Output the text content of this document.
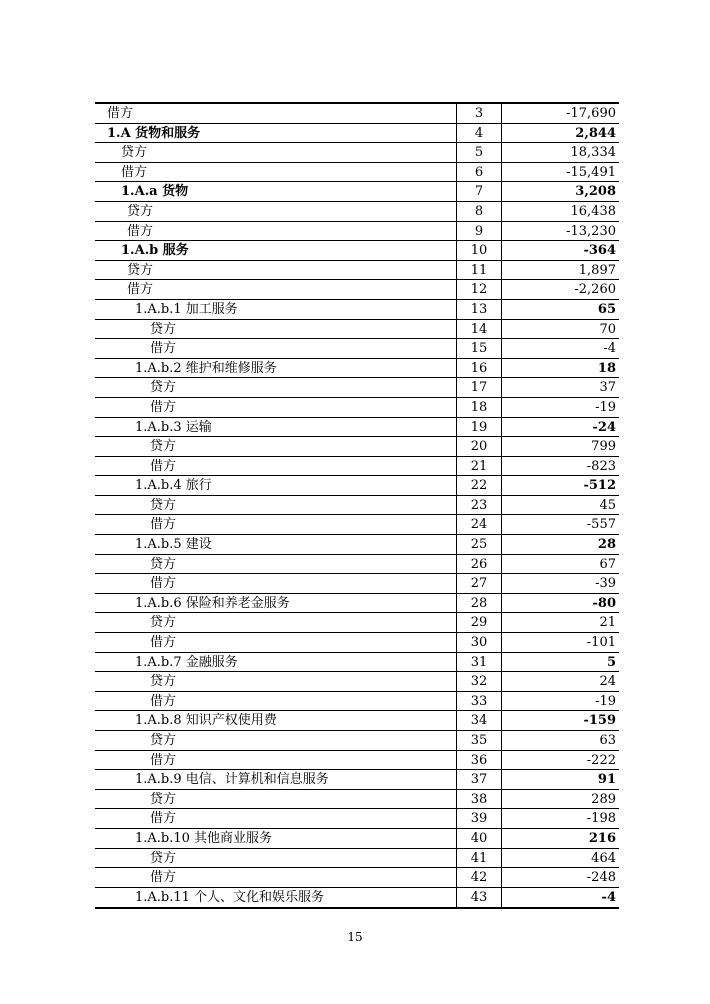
借方	3	-17,690
1.A 货物和服务	4	2,844
贷方	5	18,334
借方	6	-15,491
1.A.a 货物	7	3,208
贷方	8	16,438
借方	9	-13,230
1.A.b 服务	10	-364
贷方	11	1,897
借方	12	-2,260
1.A.b.1 加工服务	13	65
贷方	14	70
借方	15	-4
1.A.b.2 维护和维修服务	16	18
贷方	17	37
借方	18	-19
1.A.b.3 运输	19	-24
贷方	20	799
借方	21	-823
1.A.b.4 旅行	22	-512
贷方	23	45
借方	24	-557
1.A.b.5 建设	25	28
贷方	26	67
借方	27	-39
1.A.b.6 保险和养老金服务	28	-80
贷方	29	21
借方	30	-101
1.A.b.7 金融服务	31	5
贷方	32	24
借方	33	-19
1.A.b.8 知识产权使用费	34	-159
贷方	35	63
借方	36	-222
1.A.b.9 电信、计算机和信息服务	37	91
贷方	38	289
借方	39	-198
1.A.b.10 其他商业服务	40	216
贷方	41	464
借方	42	-248
1.A.b.11 个人、文化和娱乐服务	43	-4
15
